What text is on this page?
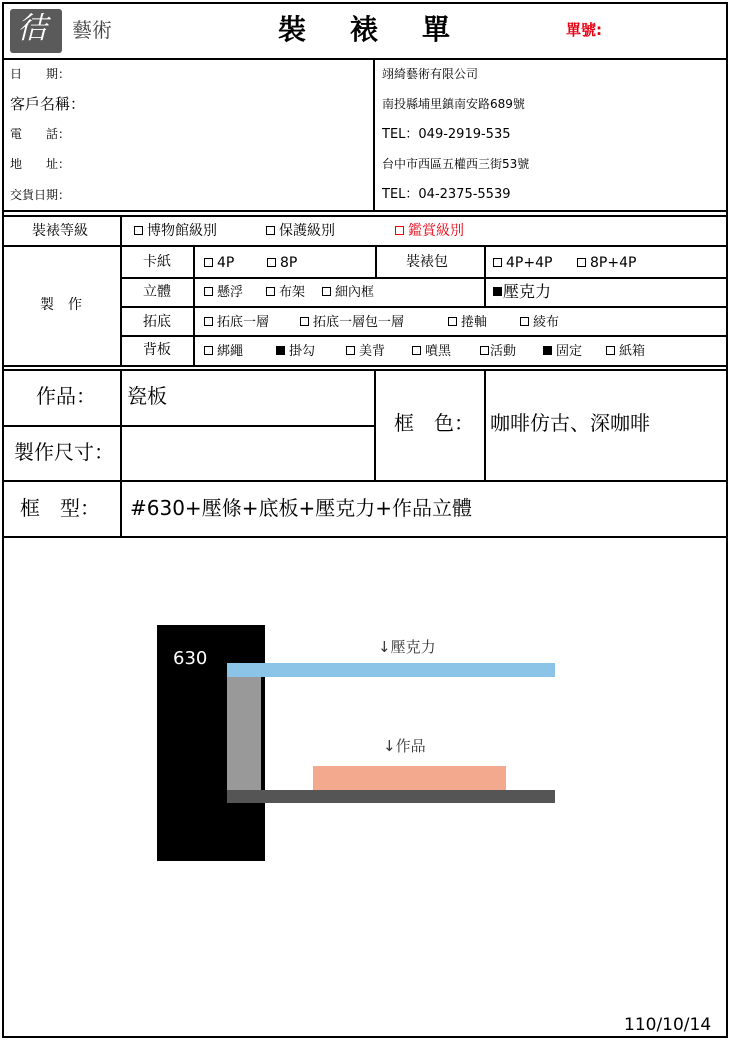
㣟 藝術	裝　裱　單	單號:
日　　期：
客戶名稱：
電　　話：
地　　址：
交貨日期：
翊綺藝術有限公司
南投縣埔里鎮南安路689號
TEL：049-2919-535
台中市西區五權西三街53號
TEL：04-2375-5539
裝裱等級	博物館級別	保護級別	鑑賞級別
製　作
卡紙	4P	8P	裝裱包	4P+4P	8P+4P
立體	懸浮	布架	細內框	壓克力
拓底	拓底一層	拓底一層包一層	捲軸	綾布
背板	綁繩	掛勾	美背	噴黑	活動	固定	紙箱
作品： 瓷板
製作尺寸：
框　色： 咖啡仿古、深咖啡
框　型： #630+壓條+底板+壓克力+作品立體
630
↓壓克力
↓作品
110/10/14
